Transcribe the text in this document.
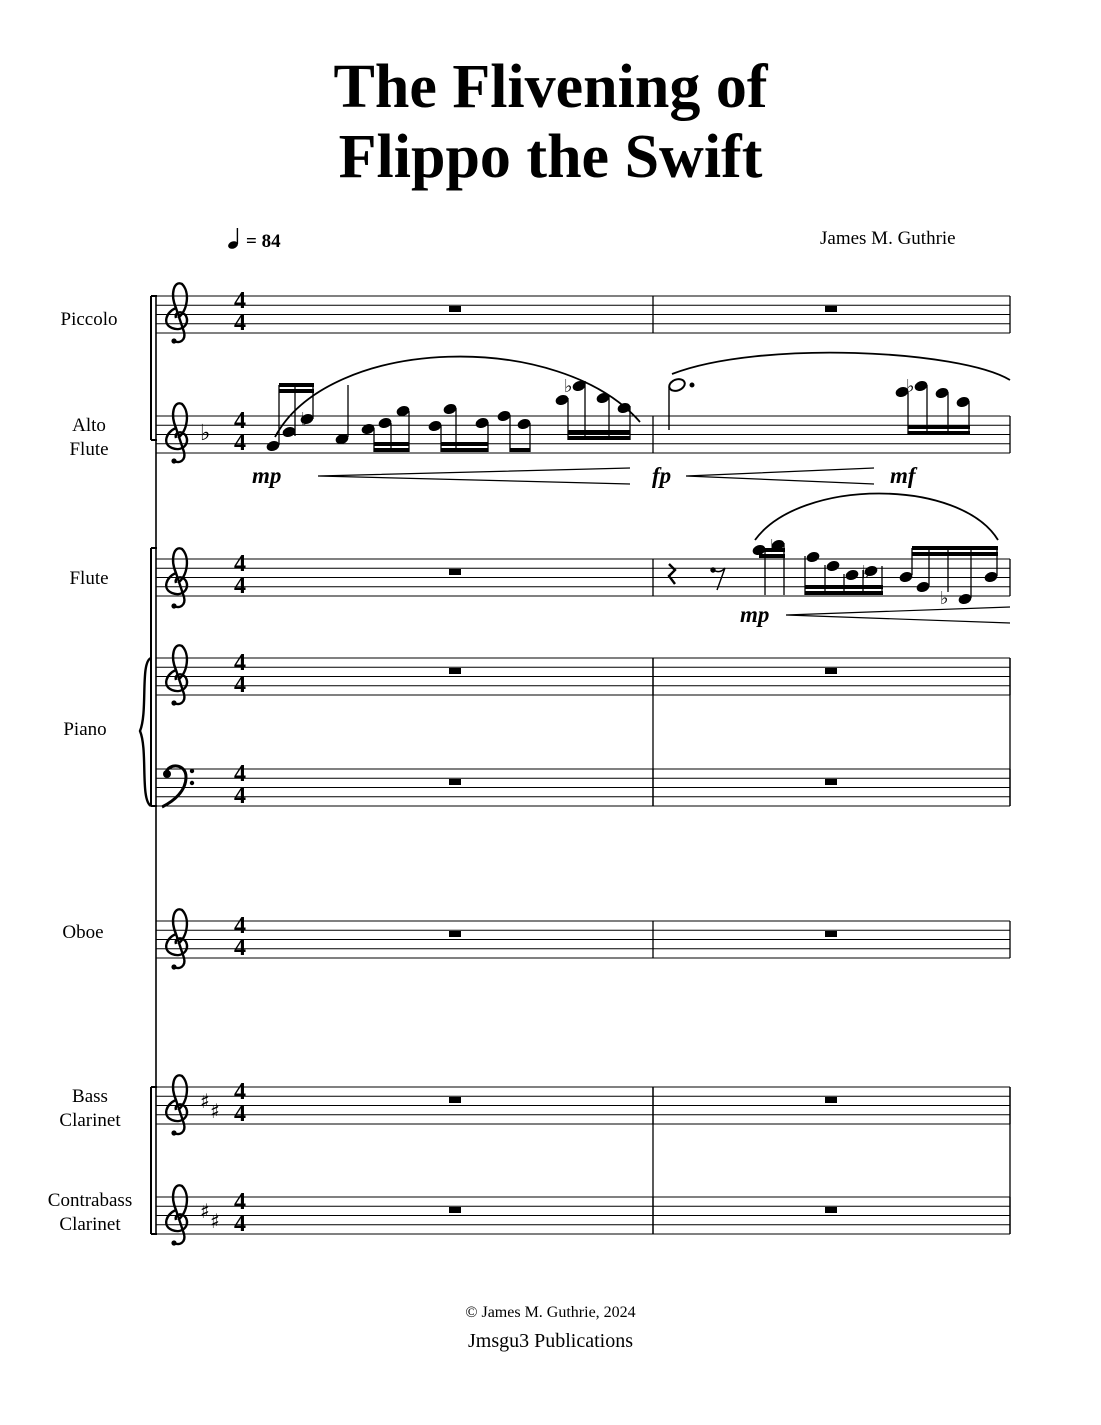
The Flivening of
Flippo the Swift
= 84	James M. Guthrie
Piccolo
Alto
Flute
Flute
Piano
Oboe
Bass
Clarinet
Contrabass
Clarinet
♭
♯ ♯
♯ ♯
4
4
4
4
4
4
4
4
4
4
4
4
4
4
4
4
♭
♭	♭
mp	fp	mf
♭
♭
♭
mp
© James M. Guthrie, 2024
Jmsgu3 Publications
